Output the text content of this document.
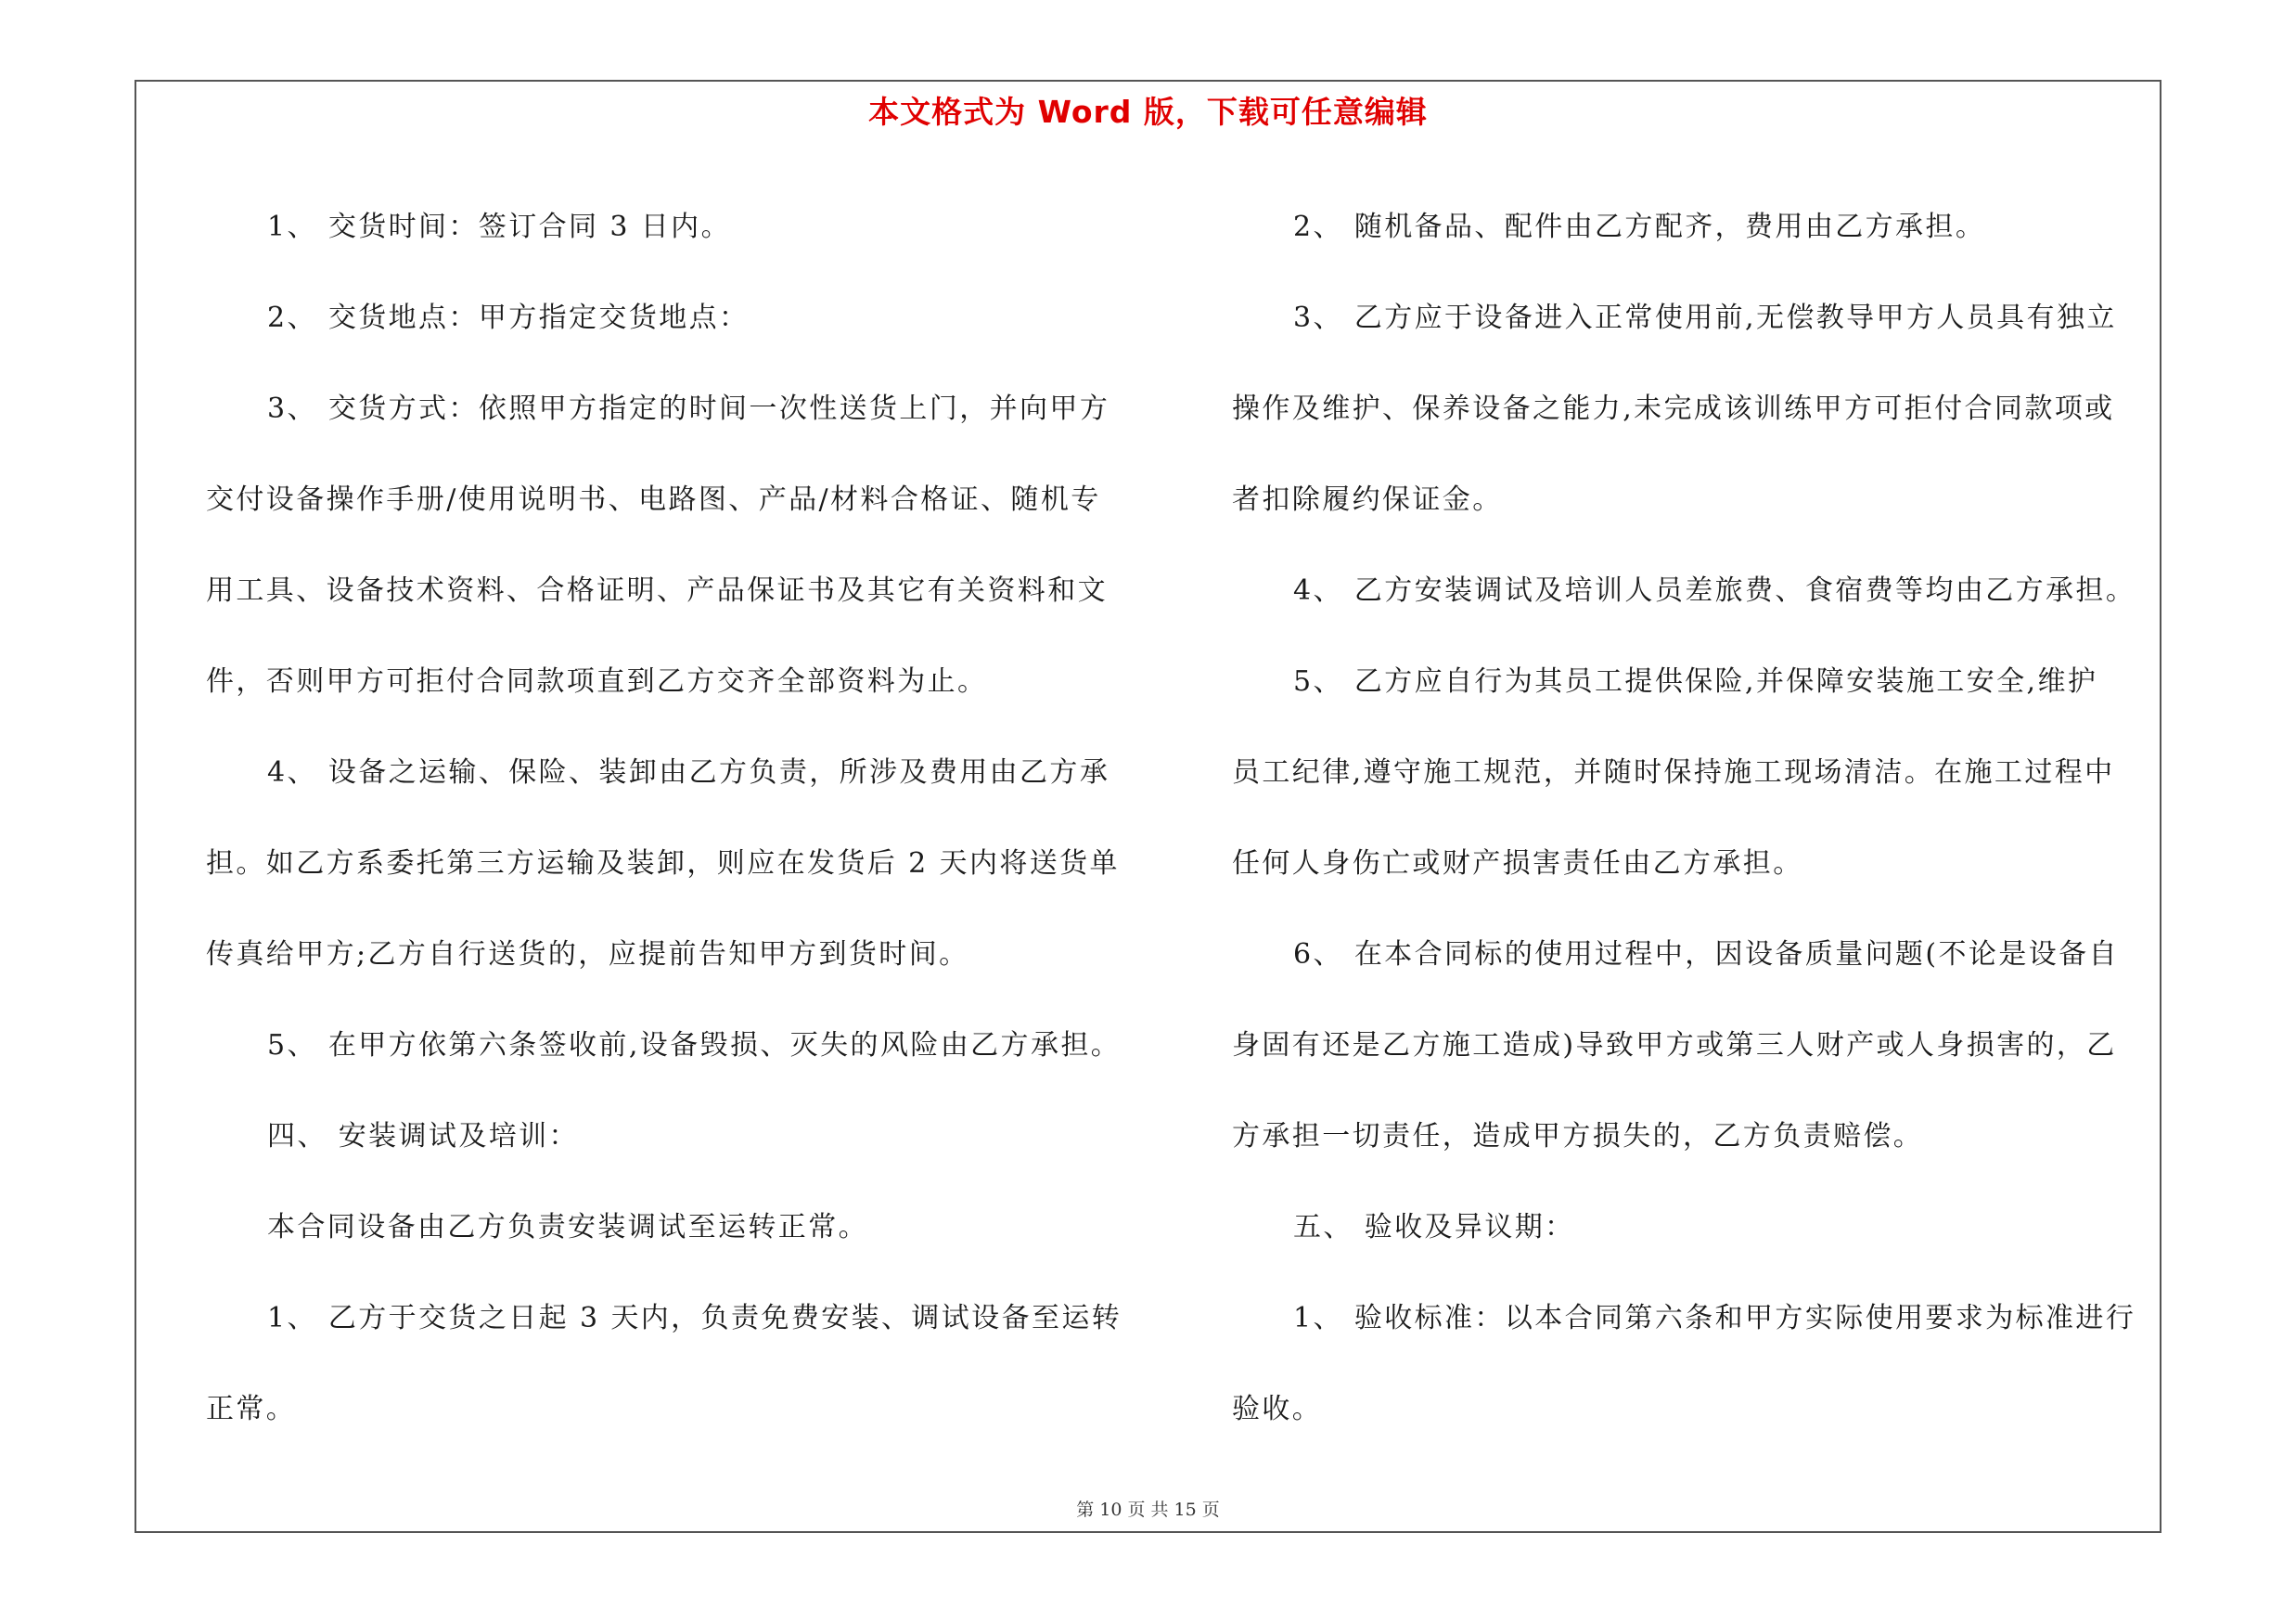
本文格式为 Word 版，下载可任意编辑
1、 交货时间：签订合同 3 日内。
2、 交货地点：甲方指定交货地点：
3、 交货方式：依照甲方指定的时间一次性送货上门，并向甲方
交付设备操作手册/使用说明书、电路图、产品/材料合格证、随机专
用工具、设备技术资料、合格证明、产品保证书及其它有关资料和文
件，否则甲方可拒付合同款项直到乙方交齐全部资料为止。
4、 设备之运输、保险、装卸由乙方负责，所涉及费用由乙方承
担。如乙方系委托第三方运输及装卸，则应在发货后 2 天内将送货单
传真给甲方;乙方自行送货的，应提前告知甲方到货时间。
5、 在甲方依第六条签收前,设备毁损、灭失的风险由乙方承担。
四、 安装调试及培训：
本合同设备由乙方负责安装调试至运转正常。
1、 乙方于交货之日起 3 天内，负责免费安装、调试设备至运转
正常。
2、 随机备品、配件由乙方配齐，费用由乙方承担。
3、 乙方应于设备进入正常使用前,无偿教导甲方人员具有独立
操作及维护、保养设备之能力,未完成该训练甲方可拒付合同款项或
者扣除履约保证金。
4、 乙方安装调试及培训人员差旅费、食宿费等均由乙方承担。
5、 乙方应自行为其员工提供保险,并保障安装施工安全,维护
员工纪律,遵守施工规范，并随时保持施工现场清洁。在施工过程中
任何人身伤亡或财产损害责任由乙方承担。
6、 在本合同标的使用过程中，因设备质量问题(不论是设备自
身固有还是乙方施工造成)导致甲方或第三人财产或人身损害的，乙
方承担一切责任，造成甲方损失的，乙方负责赔偿。
五、 验收及异议期：
1、 验收标准：以本合同第六条和甲方实际使用要求为标准进行
验收。
第 10 页 共 15 页
